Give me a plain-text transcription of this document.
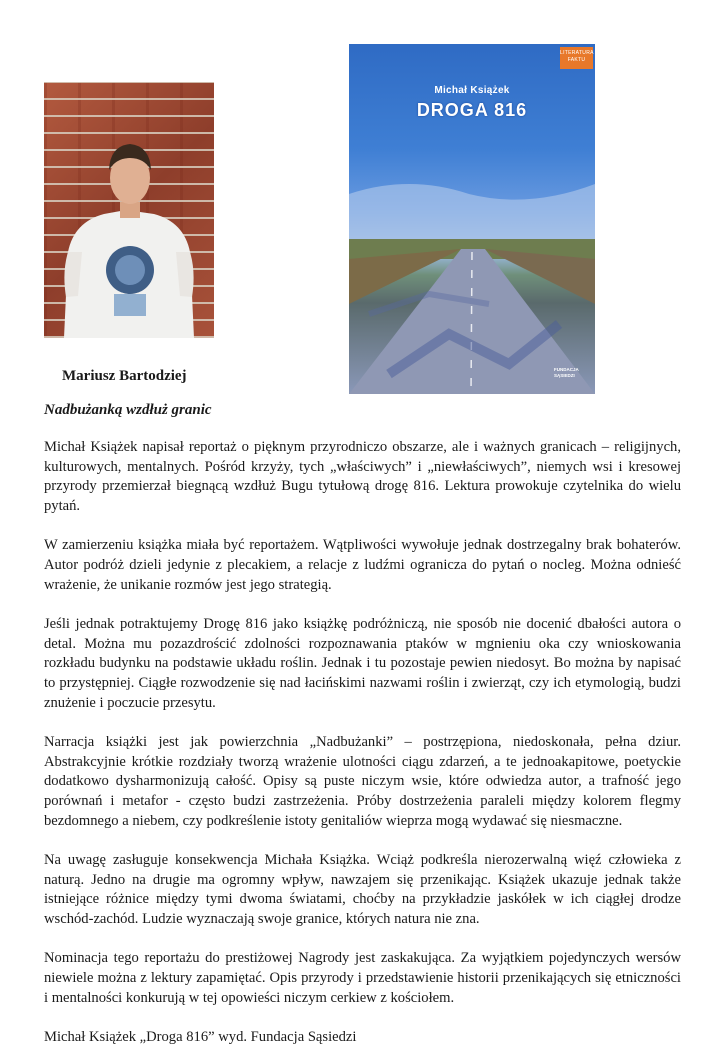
LITERATURA FAKTU
Michał Książek
DROGA 816
FUNDACJA SĄSIEDZI
Mariusz Bartodziej
Nadbużanką wzdłuż granic

Michał Książek napisał reportaż o pięknym przyrodniczo obszarze, ale i ważnych granicach – religijnych, kulturowych, mentalnych. Pośród krzyży, tych „właściwych” i „niewłaściwych”, niemych wsi i kresowej przyrody przemierzał biegnącą wzdłuż Bugu tytułową drogę 816. Lektura prowokuje czytelnika do wielu pytań.

W zamierzeniu książka miała być reportażem. Wątpliwości wywołuje jednak dostrzegalny brak bohaterów. Autor podróż dzieli jedynie z plecakiem, a relacje z ludźmi ogranicza do pytań o nocleg. Można odnieść wrażenie, że unikanie rozmów jest jego strategią.

Jeśli jednak potraktujemy Drogę 816 jako książkę podróżniczą, nie sposób nie docenić dbałości autora o detal. Można mu pozazdrościć zdolności rozpoznawania ptaków w mgnieniu oka czy wnioskowania rozkładu budynku na podstawie układu roślin. Jednak i tu pozostaje pewien niedosyt. Bo można by napisać to przystępniej. Ciągłe rozwodzenie się nad łacińskimi nazwami roślin i zwierząt, czy ich etymologią, budzi znużenie i poczucie przesytu.

Narracja książki jest jak powierzchnia „Nadbużanki” – postrzępiona, niedoskonała, pełna dziur. Abstrakcyjnie krótkie rozdziały tworzą wrażenie ulotności ciągu zdarzeń, a te jednoakapitowe, poetyckie dodatkowo dysharmonizują całość. Opisy są puste niczym wsie, które odwiedza autor, a trafność jego porównań i metafor - często budzi zastrzeżenia. Próby dostrzeżenia paraleli między kolorem flegmy bezdomnego a niebem, czy podkreślenie istoty genitaliów wieprza mogą wydawać się niesmaczne.

Na uwagę zasługuje konsekwencja Michała Książka. Wciąż podkreśla nierozerwalną więź człowieka z naturą. Jedno na drugie ma ogromny wpływ, nawzajem się przenikając. Książek ukazuje jednak także istniejące różnice między tymi dwoma światami, choćby na przykładzie jaskółek w ich ciągłej drodze wschód-zachód. Ludzie wyznaczają swoje granice, których natura nie zna.

Nominacja tego reportażu do prestiżowej Nagrody jest zaskakująca. Za wyjątkiem pojedynczych wersów niewiele można z lektury zapamiętać. Opis przyrody i przedstawienie historii przenikających się etniczności i mentalności konkurują w tej opowieści niczym cerkiew z kościołem.

Michał Książek „Droga 816” wyd. Fundacja Sąsiedzi
